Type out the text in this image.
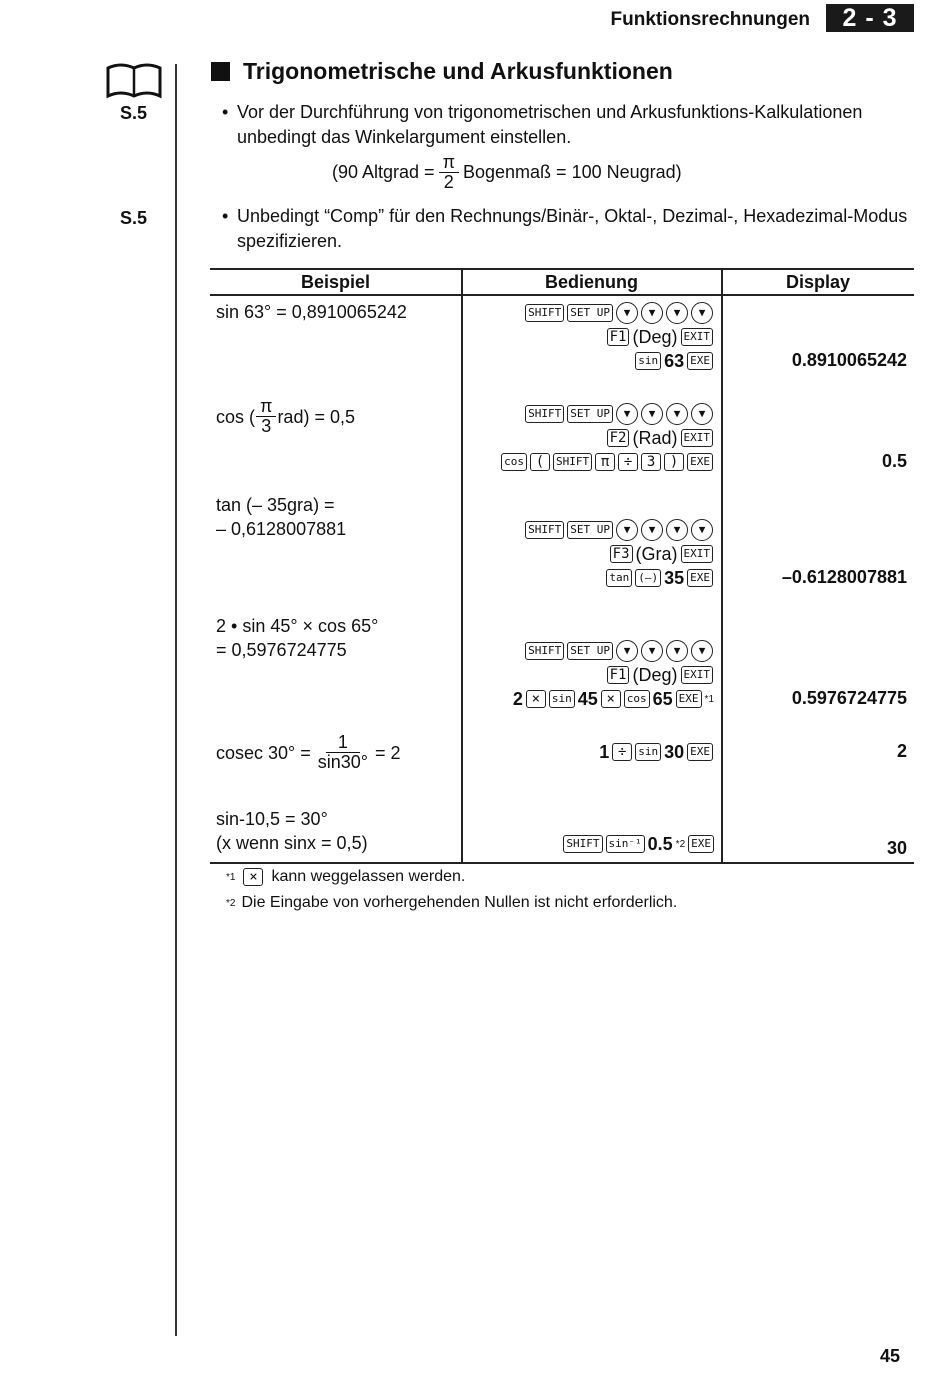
Funktionsrechnungen	2 - 3
S.5
S.5
Trigonometrische und Arkusfunktionen
• Vor der Durchführung von trigonometrischen und Arkusfunktions-Kalkulationen unbedingt das Winkelargument einstellen.
(90 Altgrad = $\frac{\pi}{2}$ Bogenmaß = 100 Neugrad)
• Unbedingt “Comp” für den Rechnungs/Binär-, Oktal-, Dezimal-, Hexadezimal-Modus spezifizieren.
Beispiel	Bedienung	Display
sin 63° = 0,8910065242	SHIFT SET UP	▼	▼	▼	▼
F1 (Deg) EXIT
sin 63 EXE	0.8910065242
cos ( $\frac{\pi}{3} rad) = 0,5$	SHIFT SET UP	▼	▼	▼	▼
F2 (Rad) EXIT
cos (	SHIFT π	÷	3	)	EXE	0.5
tan (– 35gra) =
– 0,6128007881	SHIFT SET UP	▼	▼	▼	▼
F3 (Gra) EXIT
tan (–) 35 EXE	–0.6128007881
2 • sin 45° × cos 65°
= 0,5976724775	SHIFT SET UP	▼	▼	▼	▼
F1 (Deg) EXIT
2 ×	sin 45 ×	cos 65 EXE *1	0.5976724775
cosec $30^\circ = \frac{1}{\sin 30^\circ} = 2$	1 ÷	sin 30 EXE	2
sin-10,5 = 30°
(x wenn sinx = 0,5)	SHIFT sin⁻¹ 0.5 *2 EXE	30
*1 × kann weggelassen werden.
*2 Die Eingabe von vorhergehenden Nullen ist nicht erforderlich.
45
